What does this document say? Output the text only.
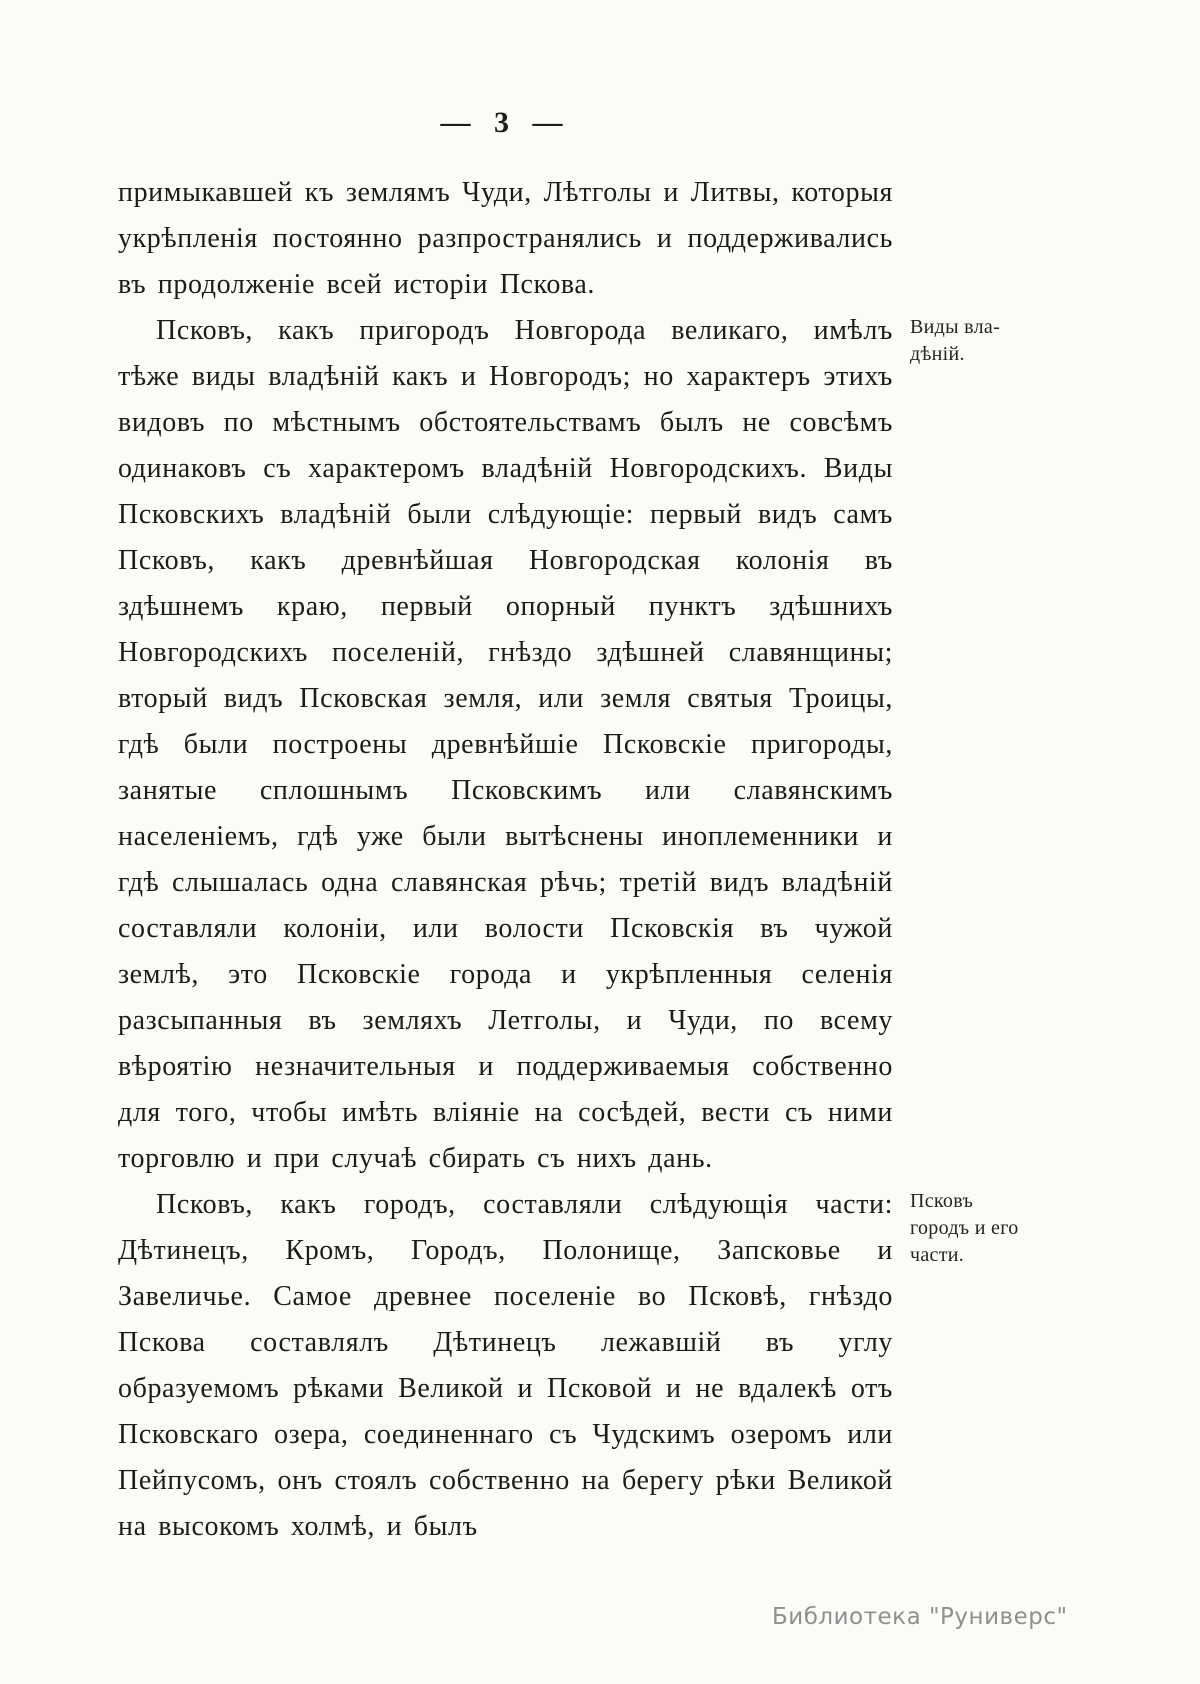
— 3 —

примыкавшей къ землямъ Чуди, Лѣтголы и Литвы, которыя укрѣпленія постоянно разпространялись и поддерживались въ продолженіе всей исторіи Пскова.

Псковъ, какъ пригородъ Новгорода великаго, имѣлъ тѣже виды владѣній какъ и Новгородъ; но характеръ этихъ видовъ по мѣстнымъ обстоятельствамъ былъ не совсѣмъ одинаковъ съ характеромъ владѣній Новгородскихъ. Виды Псковскихъ владѣній были слѣдующіе: первый видъ самъ Псковъ, какъ древнѣйшая Новгородская колонія въ здѣшнемъ краю, первый опорный пунктъ здѣшнихъ Новгородскихъ поселеній, гнѣздо здѣшней славянщины; вторый видъ Псковская земля, или земля святыя Троицы, гдѣ были построены древнѣйшіе Псковскіе пригороды, занятые сплошнымъ Псковскимъ или славянскимъ населеніемъ, гдѣ уже были вытѣснены иноплеменники и гдѣ слышалась одна славянская рѣчь; третій видъ владѣній составляли колоніи, или волости Псковскія въ чужой землѣ, это Псковскіе города и укрѣпленныя селенія разсыпанныя въ земляхъ Летголы, и Чуди, по всему вѣроятію незначительныя и поддерживаемыя собственно для того, чтобы имѣть вліяніе на сосѣдей, вести съ ними торговлю и при случаѣ сбирать съ нихъ дань.

Виды вла-дѣній.

Псковъ, какъ городъ, составляли слѣдующія части: Дѣтинецъ, Кромъ, Городъ, Полонище, Запсковье и Завеличье. Самое древнее поселеніе во Псковѣ, гнѣздо Пскова составлялъ Дѣтинецъ лежавшій въ углу образуемомъ рѣками Великой и Псковой и не вдалекѣ отъ Псковскаго озера, соединеннаго съ Чудскимъ озеромъ или Пейпусомъ, онъ стоялъ собственно на берегу рѣки Великой на высокомъ холмѣ, и былъ

Псковъ городъ и его части.
Библиотека "Руниверс"
